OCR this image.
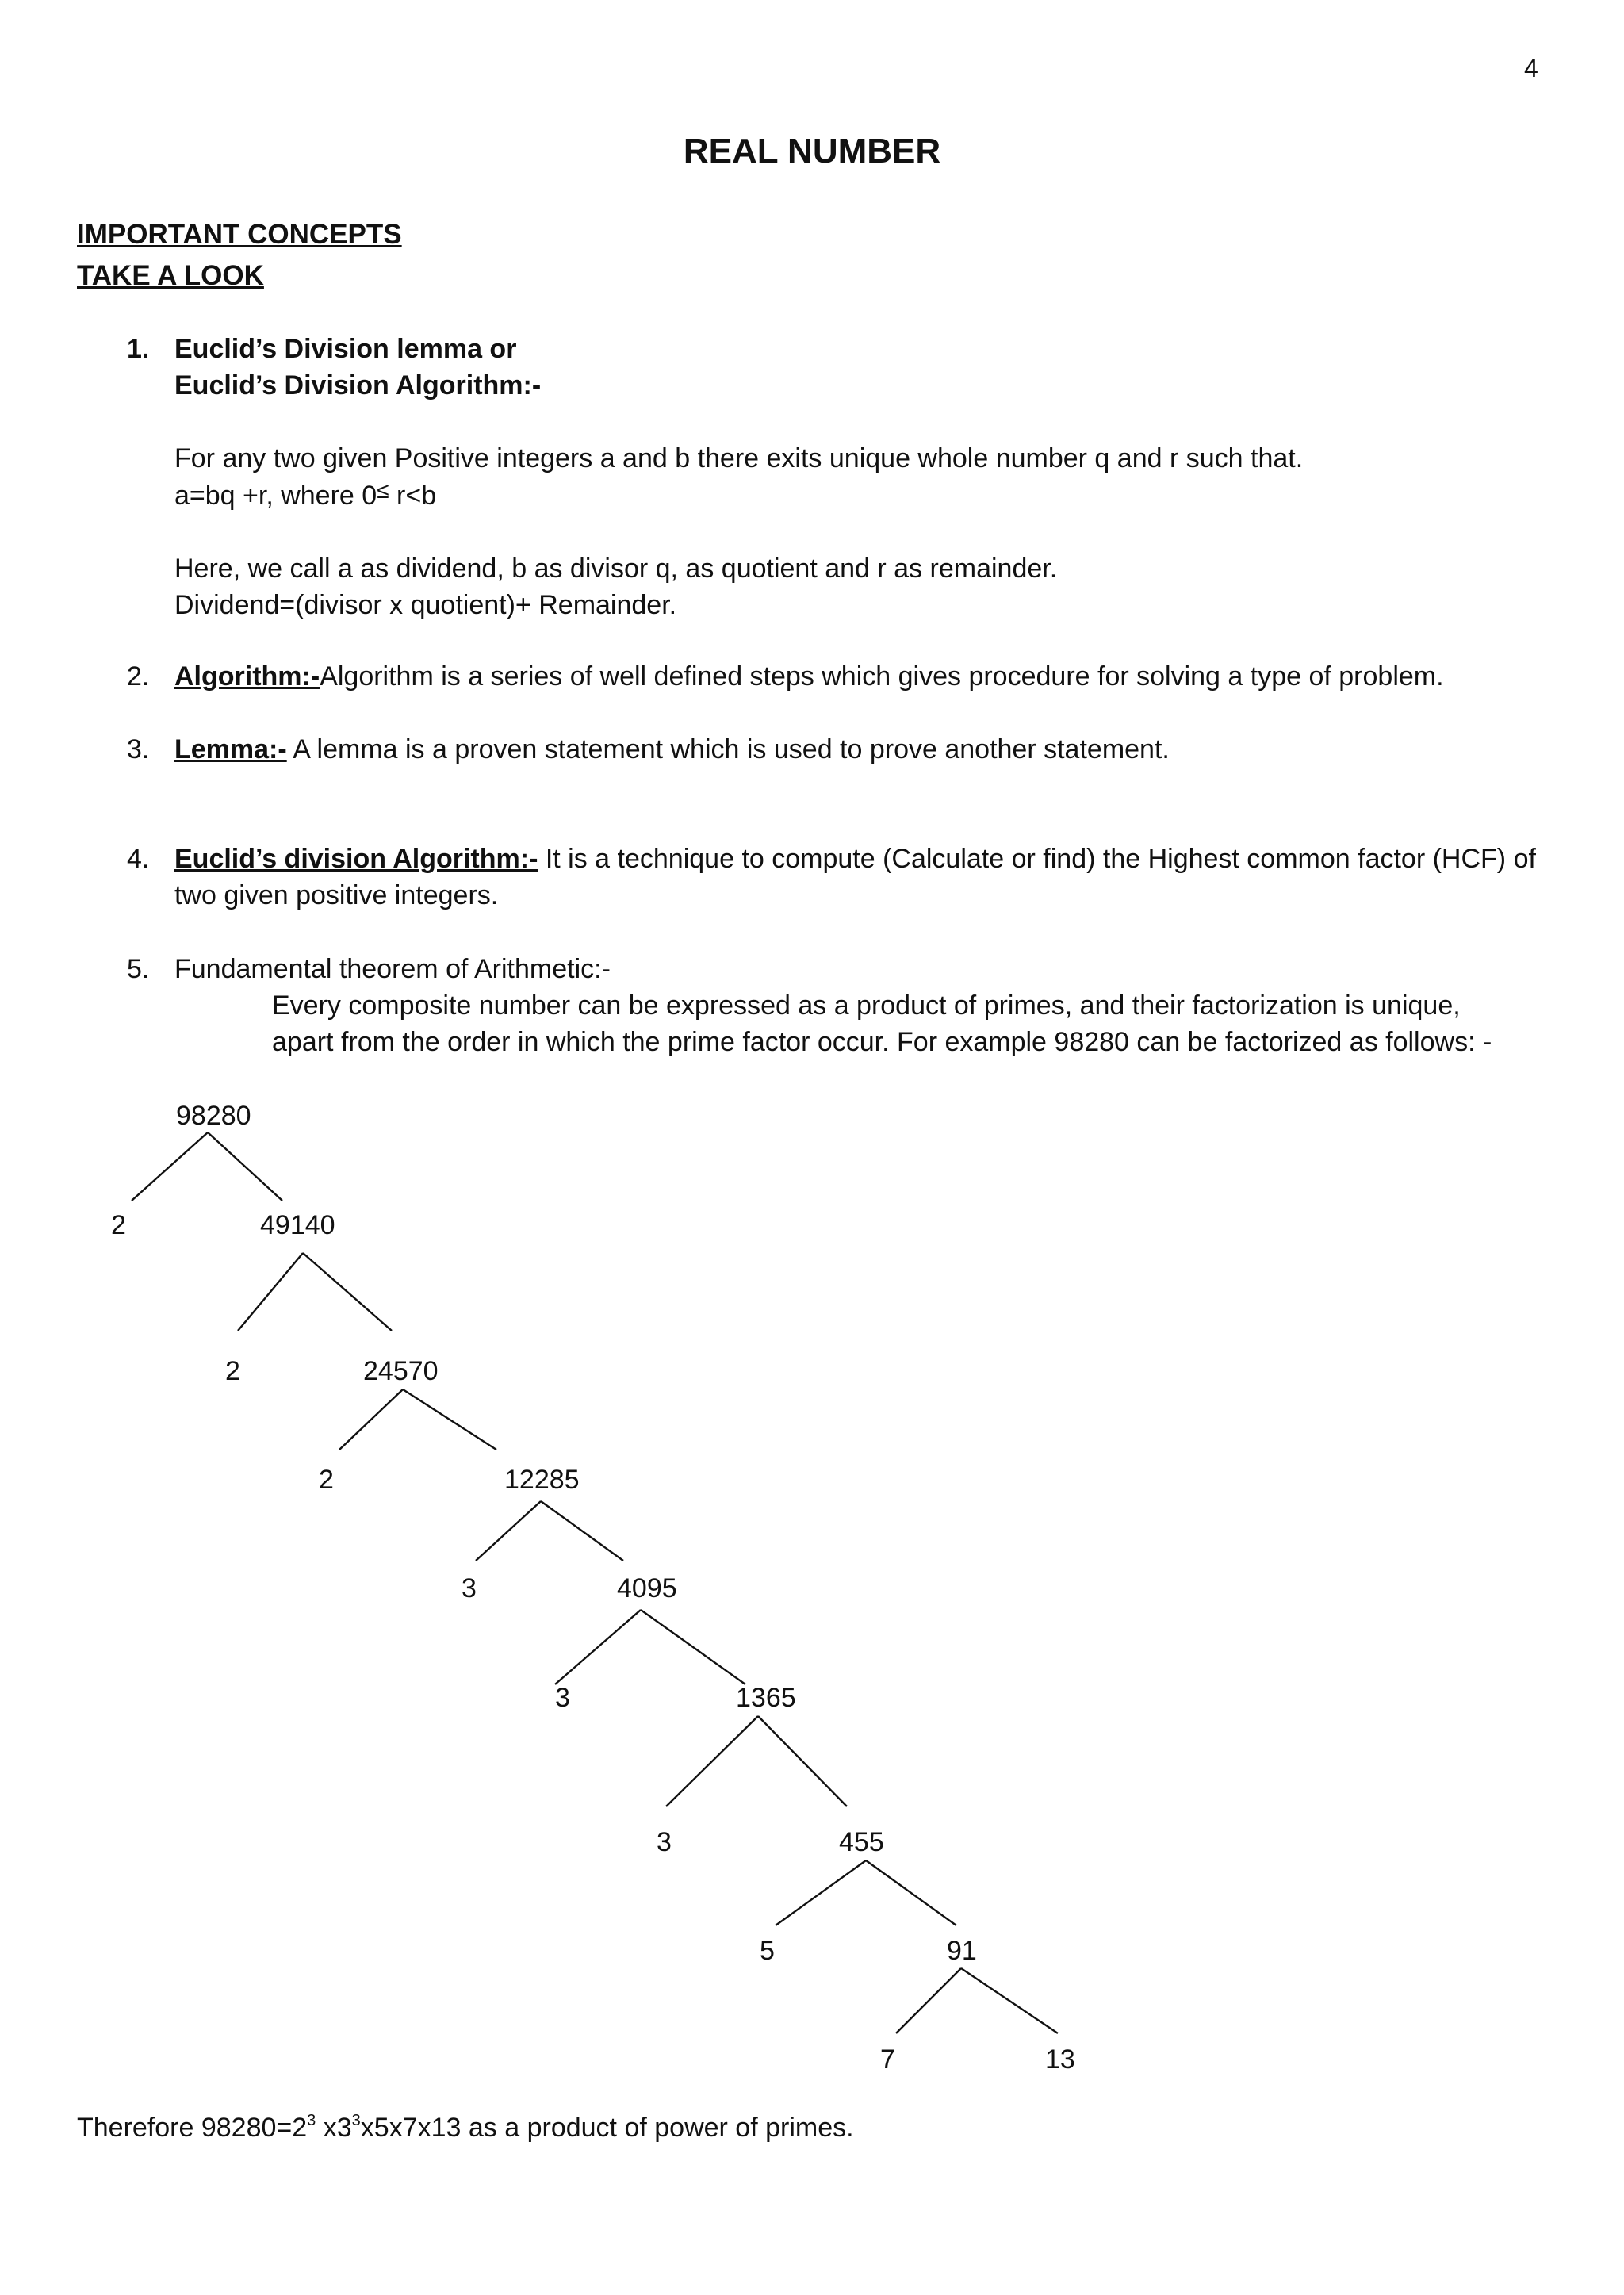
4
REAL NUMBER
IMPORTANT CONCEPTS
TAKE A LOOK
1. Euclid’s Division lemma or
Euclid’s Division Algorithm:-
For any two given Positive integers a and b there exits unique whole number q and r such that.
a=bq +r, where 0≤ r<b
Here, we call a as dividend, b as divisor q, as quotient and r as remainder.
Dividend=(divisor x quotient)+ Remainder.
2. Algorithm:-Algorithm is a series of well defined steps which gives procedure for solving a type of problem.
3. Lemma:- A lemma is a proven statement which is used to prove another statement.
4. Euclid’s division Algorithm:- It is a technique to compute (Calculate or find) the Highest common factor (HCF) of
two given positive integers.
5. Fundamental theorem of Arithmetic:-
Every composite number can be expressed as a product of primes, and their factorization is unique,
apart from the order in which the prime factor occur. For example 98280 can be factorized as follows: -
98280
2	49140
2	24570
2	12285
3	4095
3	1365
3	455
5	91
7	13
Therefore $98280=2^3$ $x3^3x5x7x13$ as a product of power of primes.
